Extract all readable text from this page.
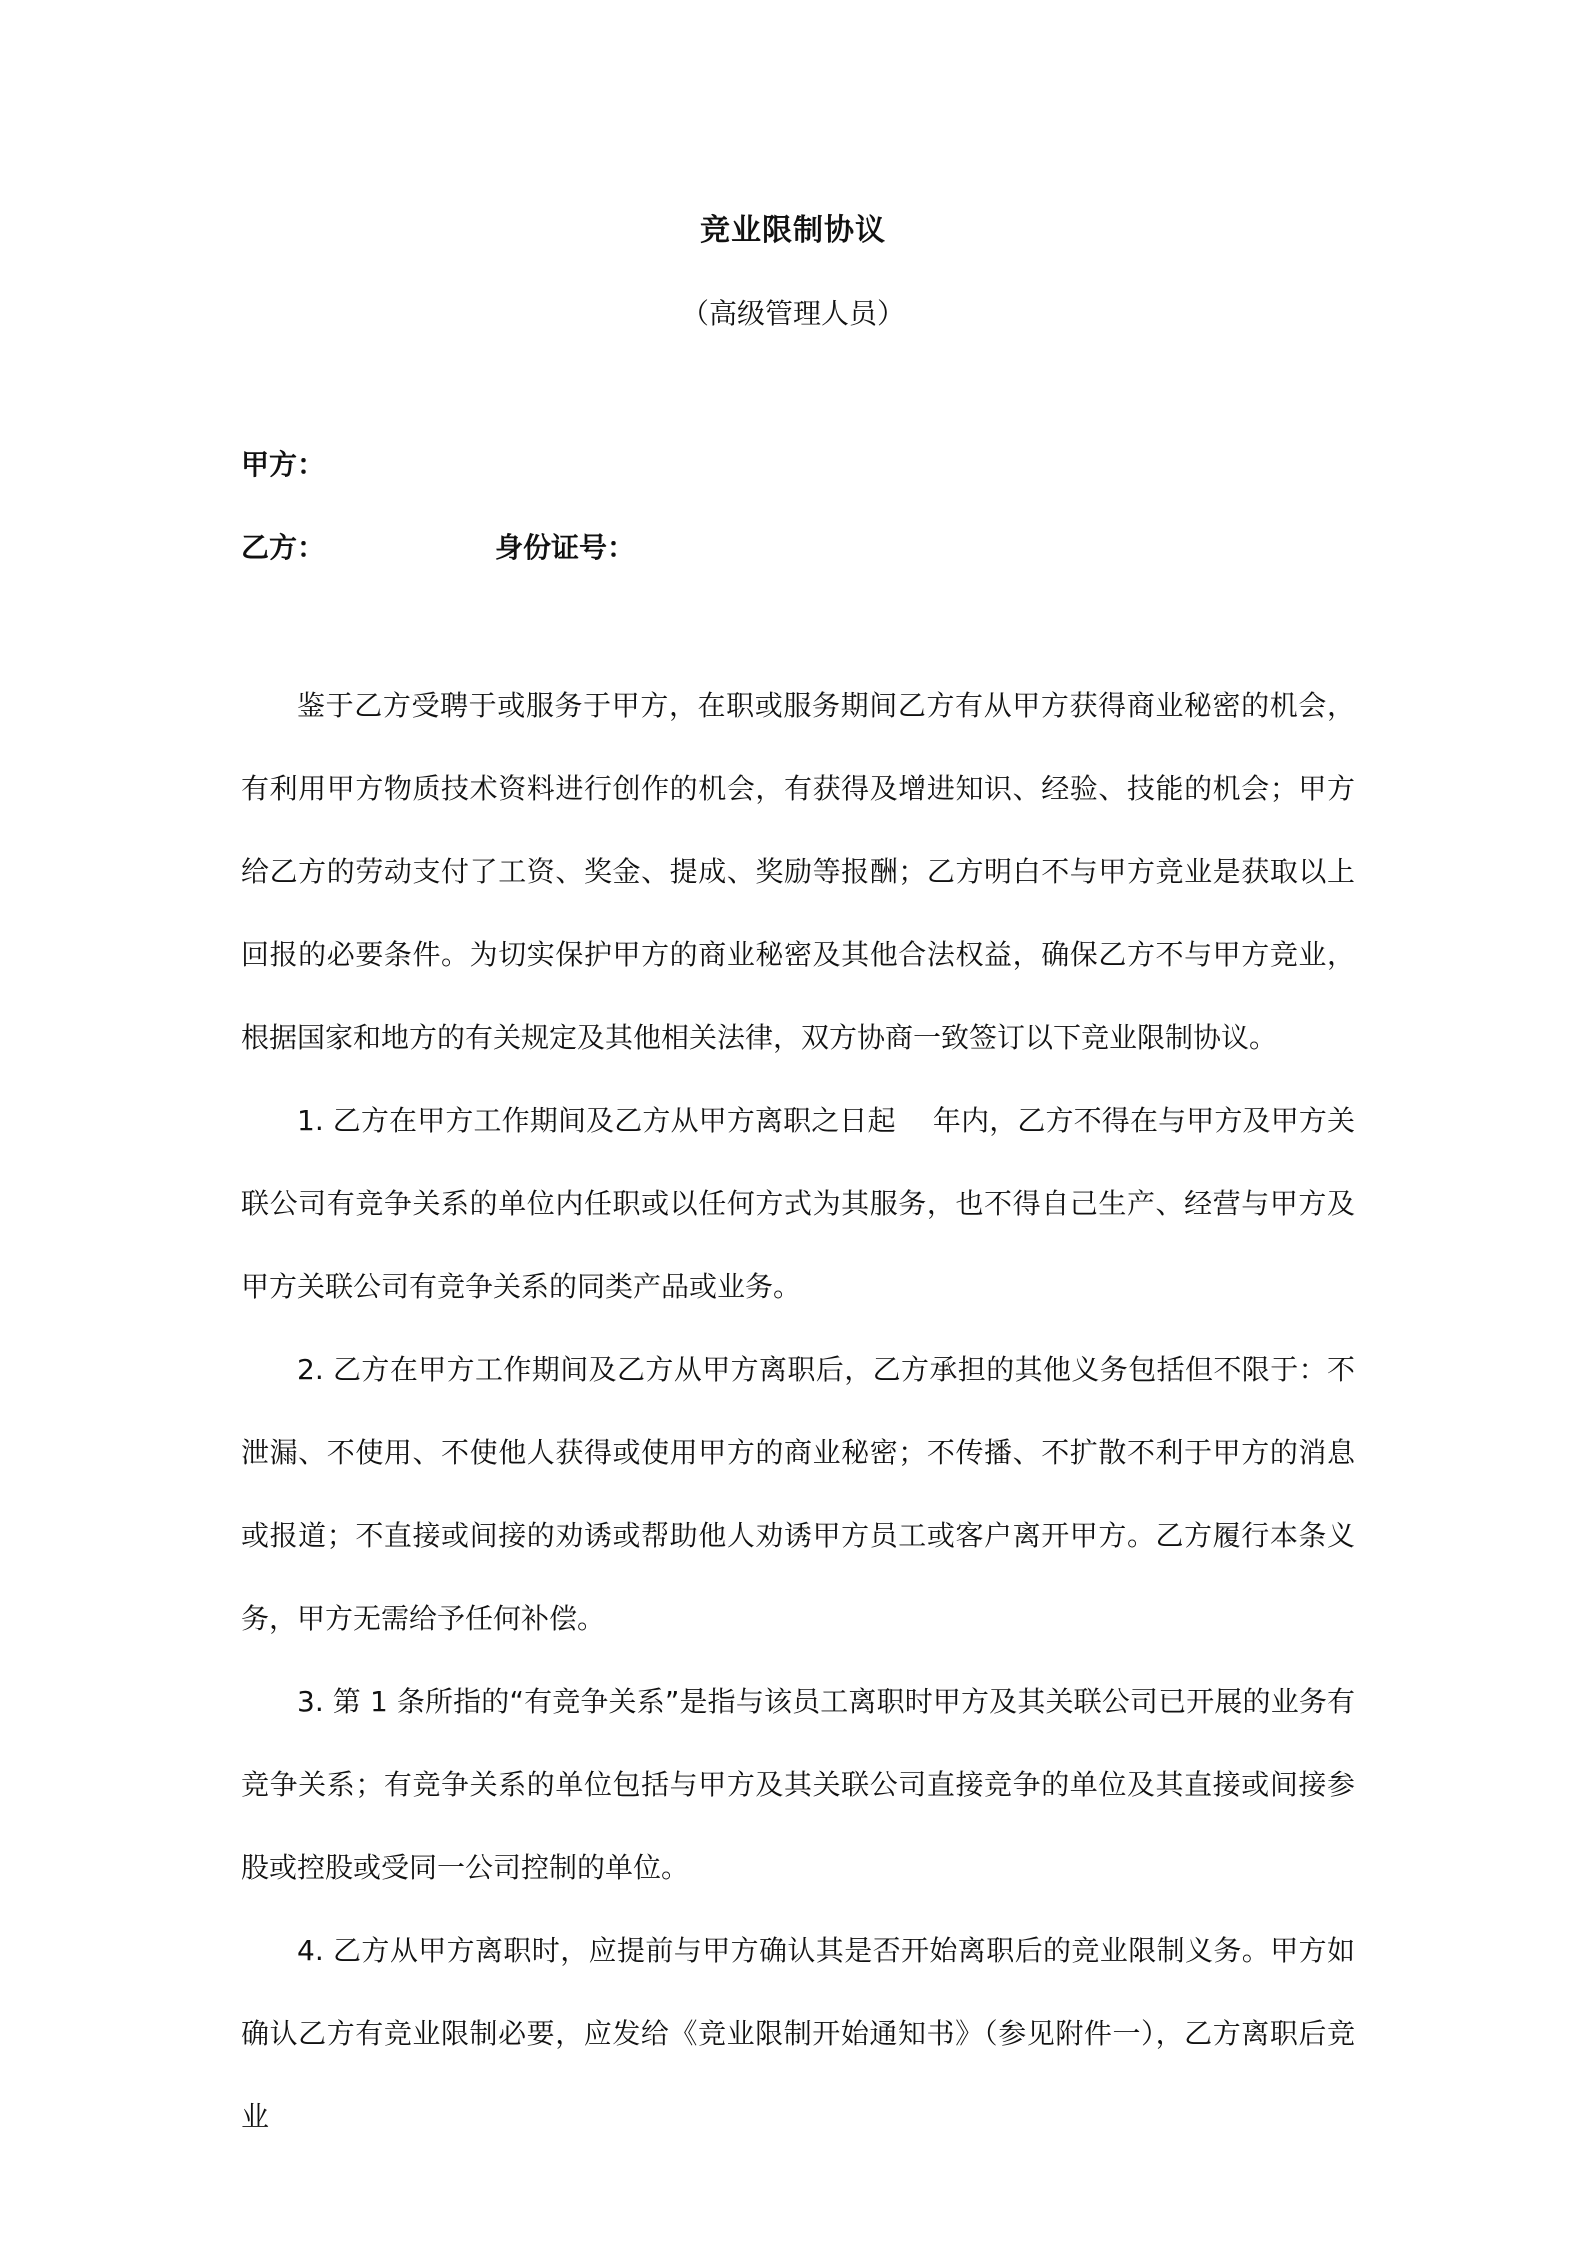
竞业限制协议
（高级管理人员）
甲方：
乙方：	身份证号：

鉴于乙方受聘于或服务于甲方，在职或服务期间乙方有从甲方获得商业秘密的机会，有利用甲方物质技术资料进行创作的机会，有获得及增进知识、经验、技能的机会；甲方给乙方的劳动支付了工资、奖金、提成、奖励等报酬；乙方明白不与甲方竞业是获取以上回报的必要条件。为切实保护甲方的商业秘密及其他合法权益，确保乙方不与甲方竞业，根据国家和地方的有关规定及其他相关法律，双方协商一致签订以下竞业限制协议。

1. 乙方在甲方工作期间及乙方从甲方离职之日起　 年内，乙方不得在与甲方及甲方关联公司有竞争关系的单位内任职或以任何方式为其服务，也不得自己生产、经营与甲方及甲方关联公司有竞争关系的同类产品或业务。

2. 乙方在甲方工作期间及乙方从甲方离职后，乙方承担的其他义务包括但不限于：不泄漏、不使用、不使他人获得或使用甲方的商业秘密；不传播、不扩散不利于甲方的消息或报道；不直接或间接的劝诱或帮助他人劝诱甲方员工或客户离开甲方。乙方履行本条义务，甲方无需给予任何补偿。

3. 第 1 条所指的“有竞争关系”是指与该员工离职时甲方及其关联公司已开展的业务有竞争关系；有竞争关系的单位包括与甲方及其关联公司直接竞争的单位及其直接或间接参股或控股或受同一公司控制的单位。

4. 乙方从甲方离职时，应提前与甲方确认其是否开始离职后的竞业限制义务。甲方如确认乙方有竞业限制必要，应发给《竞业限制开始通知书》（参见附件一），乙方离职后竞业
